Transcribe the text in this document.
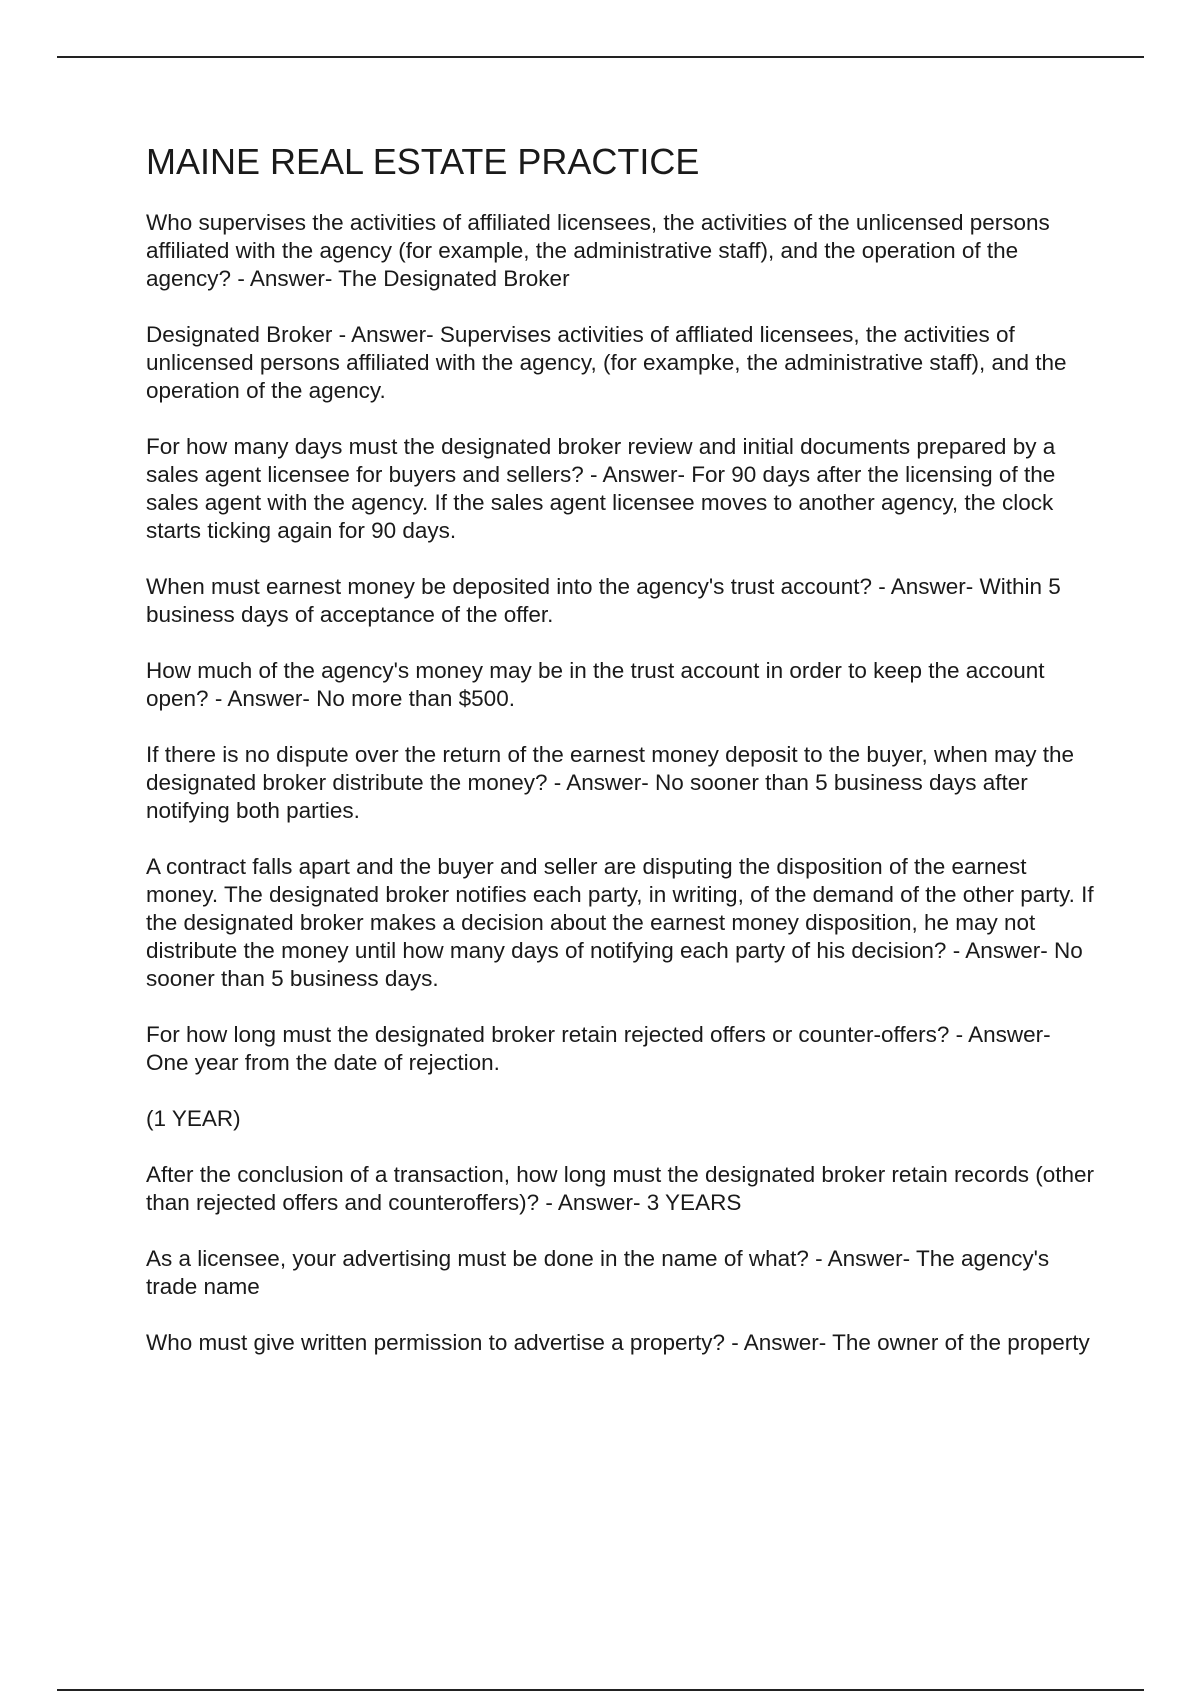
MAINE REAL ESTATE PRACTICE

Who supervises the activities of affiliated licensees, the activities of the unlicensed persons affiliated with the agency (for example, the administrative staff), and the operation of the agency? - Answer- The Designated Broker

Designated Broker - Answer- Supervises activities of affliated licensees, the activities of unlicensed persons affiliated with the agency, (for exampke, the administrative staff), and the operation of the agency.

For how many days must the designated broker review and initial documents prepared by a sales agent licensee for buyers and sellers? - Answer- For 90 days after the licensing of the sales agent with the agency. If the sales agent licensee moves to another agency, the clock starts ticking again for 90 days.

When must earnest money be deposited into the agency's trust account? - Answer- Within 5 business days of acceptance of the offer.

How much of the agency's money may be in the trust account in order to keep the account open? - Answer- No more than $500.

If there is no dispute over the return of the earnest money deposit to the buyer, when may the designated broker distribute the money? - Answer- No sooner than 5 business days after notifying both parties.

A contract falls apart and the buyer and seller are disputing the disposition of the earnest money. The designated broker notifies each party, in writing, of the demand of the other party. If the designated broker makes a decision about the earnest money disposition, he may not distribute the money until how many days of notifying each party of his decision? - Answer- No sooner than 5 business days.

For how long must the designated broker retain rejected offers or counter-offers? - Answer- One year from the date of rejection.

(1 YEAR)

After the conclusion of a transaction, how long must the designated broker retain records (other than rejected offers and counteroffers)? - Answer- 3 YEARS

As a licensee, your advertising must be done in the name of what? - Answer- The agency's trade name

Who must give written permission to advertise a property? - Answer- The owner of the property
